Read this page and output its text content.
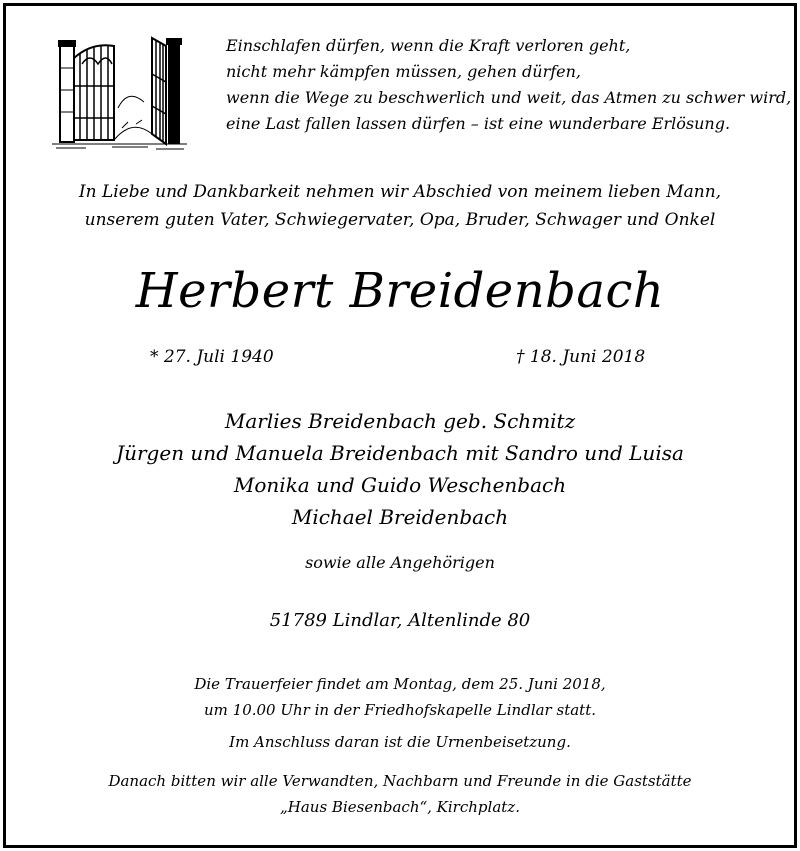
Einschlafen dürfen, wenn die Kraft verloren geht,
nicht mehr kämpfen müssen, gehen dürfen,
wenn die Wege zu beschwerlich und weit, das Atmen zu schwer wird,
eine Last fallen lassen dürfen – ist eine wunderbare Erlösung.
In Liebe und Dankbarkeit nehmen wir Abschied von meinem lieben Mann,
unserem guten Vater, Schwiegervater, Opa, Bruder, Schwager und Onkel
Herbert Breidenbach
* 27. Juli 1940	† 18. Juni 2018
Marlies Breidenbach geb. Schmitz
Jürgen und Manuela Breidenbach mit Sandro und Luisa
Monika und Guido Weschenbach
Michael Breidenbach
sowie alle Angehörigen
51789 Lindlar, Altenlinde 80
Die Trauerfeier findet am Montag, dem 25. Juni 2018,
um 10.00 Uhr in der Friedhofskapelle Lindlar statt.
Im Anschluss daran ist die Urnenbeisetzung.
Danach bitten wir alle Verwandten, Nachbarn und Freunde in die Gaststätte
„Haus Biesenbach“, Kirchplatz.
